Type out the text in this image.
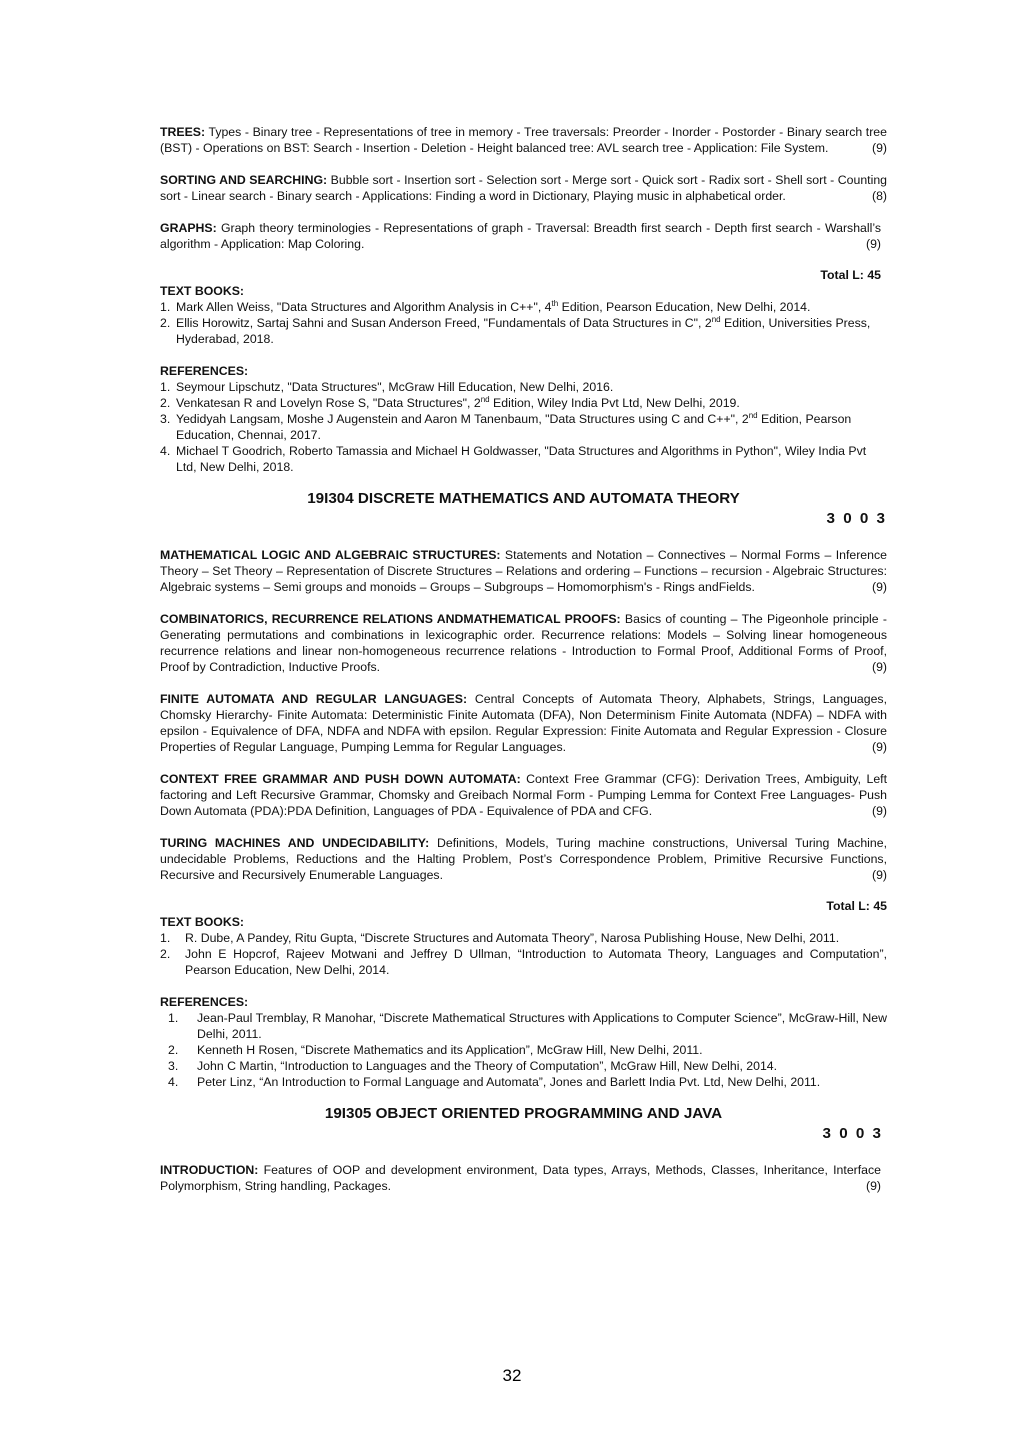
TREES: Types - Binary tree - Representations of tree in memory - Tree traversals: Preorder - Inorder - Postorder - Binary search tree (BST) - Operations on BST: Search - Insertion - Deletion - Height balanced tree: AVL search tree - Application: File System.	(9)

SORTING AND SEARCHING: Bubble sort - Insertion sort - Selection sort - Merge sort - Quick sort - Radix sort - Shell sort - Counting sort - Linear search - Binary search - Applications: Finding a word in Dictionary, Playing music in alphabetical order.	(8)

GRAPHS: Graph theory terminologies - Representations of graph - Traversal: Breadth first search - Depth first search - Warshall’s algorithm - Application: Map Coloring.	(9)

Total L: 45
TEXT BOOKS:
1. Mark Allen Weiss, "Data Structures and Algorithm Analysis in C++", 4th Edition, Pearson Education, New Delhi, 2014.
2. Ellis Horowitz, Sartaj Sahni and Susan Anderson Freed, "Fundamentals of Data Structures in C", 2nd Edition, Universities Press, Hyderabad, 2018.
REFERENCES:
1. Seymour Lipschutz, "Data Structures", McGraw Hill Education, New Delhi, 2016.
2. Venkatesan R and Lovelyn Rose S, "Data Structures", 2nd Edition, Wiley India Pvt Ltd, New Delhi, 2019.
3. Yedidyah Langsam, Moshe J Augenstein and Aaron M Tanenbaum, "Data Structures using C and C++", 2nd Edition, Pearson Education, Chennai, 2017.
4. Michael T Goodrich, Roberto Tamassia and Michael H Goldwasser, "Data Structures and Algorithms in Python", Wiley India Pvt Ltd, New Delhi, 2018.

19I304 DISCRETE MATHEMATICS AND AUTOMATA THEORY

3 0 0 3

MATHEMATICAL LOGIC AND ALGEBRAIC STRUCTURES: Statements and Notation – Connectives – Normal Forms – Inference Theory – Set Theory – Representation of Discrete Structures – Relations and ordering – Functions – recursion - Algebraic Structures: Algebraic systems – Semi groups and monoids – Groups – Subgroups – Homomorphism's - Rings andFields.	(9)

COMBINATORICS, RECURRENCE RELATIONS ANDMATHEMATICAL PROOFS: Basics of counting – The Pigeonhole principle - Generating permutations and combinations in lexicographic order. Recurrence relations: Models – Solving linear homogeneous recurrence relations and linear non-homogeneous recurrence relations - Introduction to Formal Proof, Additional Forms of Proof, Proof by Contradiction, Inductive Proofs.	(9)

FINITE AUTOMATA AND REGULAR LANGUAGES: Central Concepts of Automata Theory, Alphabets, Strings, Languages, Chomsky Hierarchy- Finite Automata: Deterministic Finite Automata (DFA), Non Determinism Finite Automata (NDFA) – NDFA with epsilon - Equivalence of DFA, NDFA and NDFA with epsilon. Regular Expression: Finite Automata and Regular Expression - Closure Properties of Regular Language, Pumping Lemma for Regular Languages.	(9)

CONTEXT FREE GRAMMAR AND PUSH DOWN AUTOMATA: Context Free Grammar (CFG): Derivation Trees, Ambiguity, Left factoring and Left Recursive Grammar, Chomsky and Greibach Normal Form - Pumping Lemma for Context Free Languages- Push Down Automata (PDA):PDA Definition, Languages of PDA - Equivalence of PDA and CFG.	(9)

TURING MACHINES AND UNDECIDABILITY: Definitions, Models, Turing machine constructions, Universal Turing Machine, undecidable Problems, Reductions and the Halting Problem, Post’s Correspondence Problem, Primitive Recursive Functions, Recursive and Recursively Enumerable Languages.	(9)

Total L: 45
TEXT BOOKS:
1. R. Dube, A Pandey, Ritu Gupta, “Discrete Structures and Automata Theory”, Narosa Publishing House, New Delhi, 2011.
2. John E Hopcrof, Rajeev Motwani and Jeffrey D Ullman, “Introduction to Automata Theory, Languages and Computation”, Pearson Education, New Delhi, 2014.
REFERENCES:
1. Jean-Paul Tremblay, R Manohar, “Discrete Mathematical Structures with Applications to Computer Science”, McGraw-Hill, New Delhi, 2011.
2. Kenneth H Rosen, “Discrete Mathematics and its Application”, McGraw Hill, New Delhi, 2011.
3. John C Martin, “Introduction to Languages and the Theory of Computation”, McGraw Hill, New Delhi, 2014.
4. Peter Linz, “An Introduction to Formal Language and Automata”, Jones and Barlett India Pvt. Ltd, New Delhi, 2011.

19I305 OBJECT ORIENTED PROGRAMMING AND JAVA

3 0 0 3

INTRODUCTION: Features of OOP and development environment, Data types, Arrays, Methods, Classes, Inheritance, Interface Polymorphism, String handling, Packages.	(9)

32
